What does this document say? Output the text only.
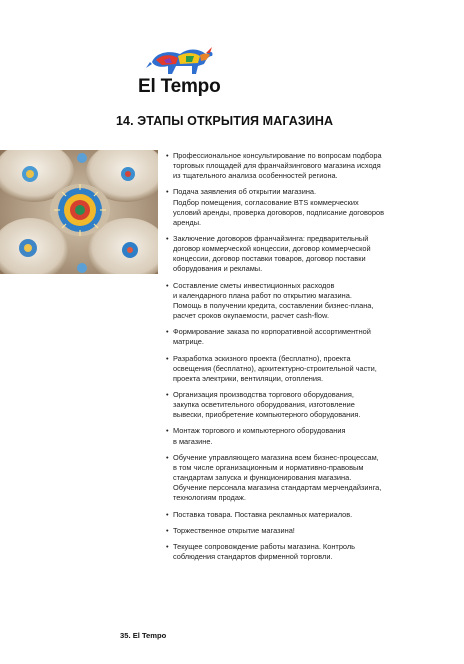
El Tempo
14. ЭТАПЫ ОТКРЫТИЯ МАГАЗИНА
• Профессиональное консультирование по вопросам подбора
торговых площадей для франчайзингового магазина исходя
из тщательного анализа особенностей региона.
• Подача заявления об открытии магазина.
Подбор помещения, согласование BTS коммерческих
условий аренды, проверка договоров, подписание договоров
аренды.
• Заключение договоров франчайзинга: предварительный
договор коммерческой концессии, договор коммерческой
концессии, договор поставки товаров, договор поставки
оборудования и рекламы.
• Составление сметы инвестиционных расходов
и календарного плана работ по открытию магазина.
Помощь в получении кредита, составлении бизнес-плана,
расчет сроков окупаемости, расчет cash-flow.
• Формирование заказа по корпоративной ассортиментной
матрице.
• Разработка эскизного проекта (бесплатно), проекта
освещения (бесплатно), архитектурно-строительной части,
проекта электрики, вентиляции, отопления.
• Организация производства торгового оборудования,
закупка осветительного оборудования, изготовление
вывески, приобретение компьютерного оборудования.
• Монтаж торгового и компьютерного оборудования
в магазине.
• Обучение управляющего магазина всем бизнес-процессам,
в том числе организационным и нормативно-правовым
стандартам запуска и функционирования магазина.
Обучение персонала магазина стандартам мерчендайзинга,
технологиям продаж.
• Поставка товара. Поставка рекламных материалов.
• Торжественное открытие магазина!
• Текущее сопровождение работы магазина. Контроль
соблюдения стандартов фирменной торговли.
35. El Tempo
